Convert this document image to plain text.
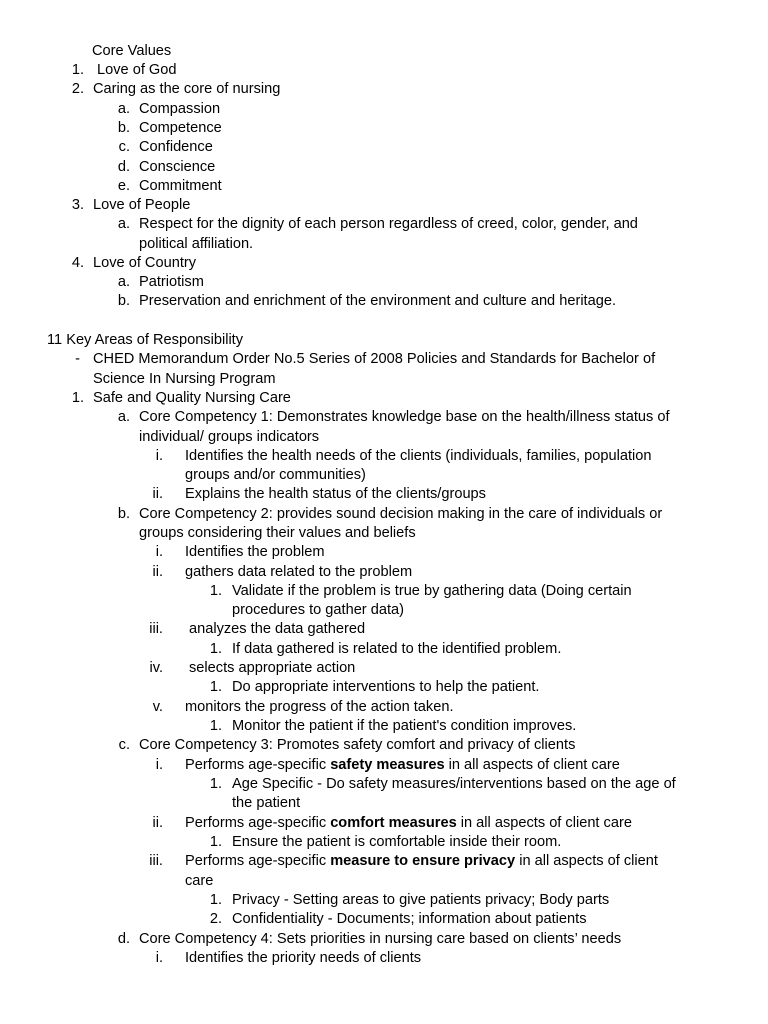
Core Values
1. Love of God
2. Caring as the core of nursing
a. Compassion
b. Competence
c. Confidence
d. Conscience
e. Commitment
3. Love of People
a. Respect for the dignity of each person regardless of creed, color, gender, and
political affiliation.
4. Love of Country
a. Patriotism
b. Preservation and enrichment of the environment and culture and heritage.
11 Key Areas of Responsibility
- CHED Memorandum Order No.5 Series of 2008 Policies and Standards for Bachelor of
Science In Nursing Program
1. Safe and Quality Nursing Care
a. Core Competency 1: Demonstrates knowledge base on the health/illness status of
individual/ groups indicators
i. Identifies the health needs of the clients (individuals, families, population
groups and/or communities)
ii. Explains the health status of the clients/groups
b. Core Competency 2: provides sound decision making in the care of individuals or
groups considering their values and beliefs
i. Identifies the problem
ii. gathers data related to the problem
1. Validate if the problem is true by gathering data (Doing certain
procedures to gather data)
iii. analyzes the data gathered
1. If data gathered is related to the identified problem.
iv. selects appropriate action
1. Do appropriate interventions to help the patient.
v. monitors the progress of the action taken.
1. Monitor the patient if the patient's condition improves.
c. Core Competency 3: Promotes safety comfort and privacy of clients
i. Performs age-specific safety measures in all aspects of client care
1. Age Specific - Do safety measures/interventions based on the age of
the patient
ii. Performs age-specific comfort measures in all aspects of client care
1. Ensure the patient is comfortable inside their room.
iii. Performs age-specific measure to ensure privacy in all aspects of client
care
1. Privacy - Setting areas to give patients privacy; Body parts
2. Confidentiality - Documents; information about patients
d. Core Competency 4: Sets priorities in nursing care based on clients’ needs
i. Identifies the priority needs of clients
